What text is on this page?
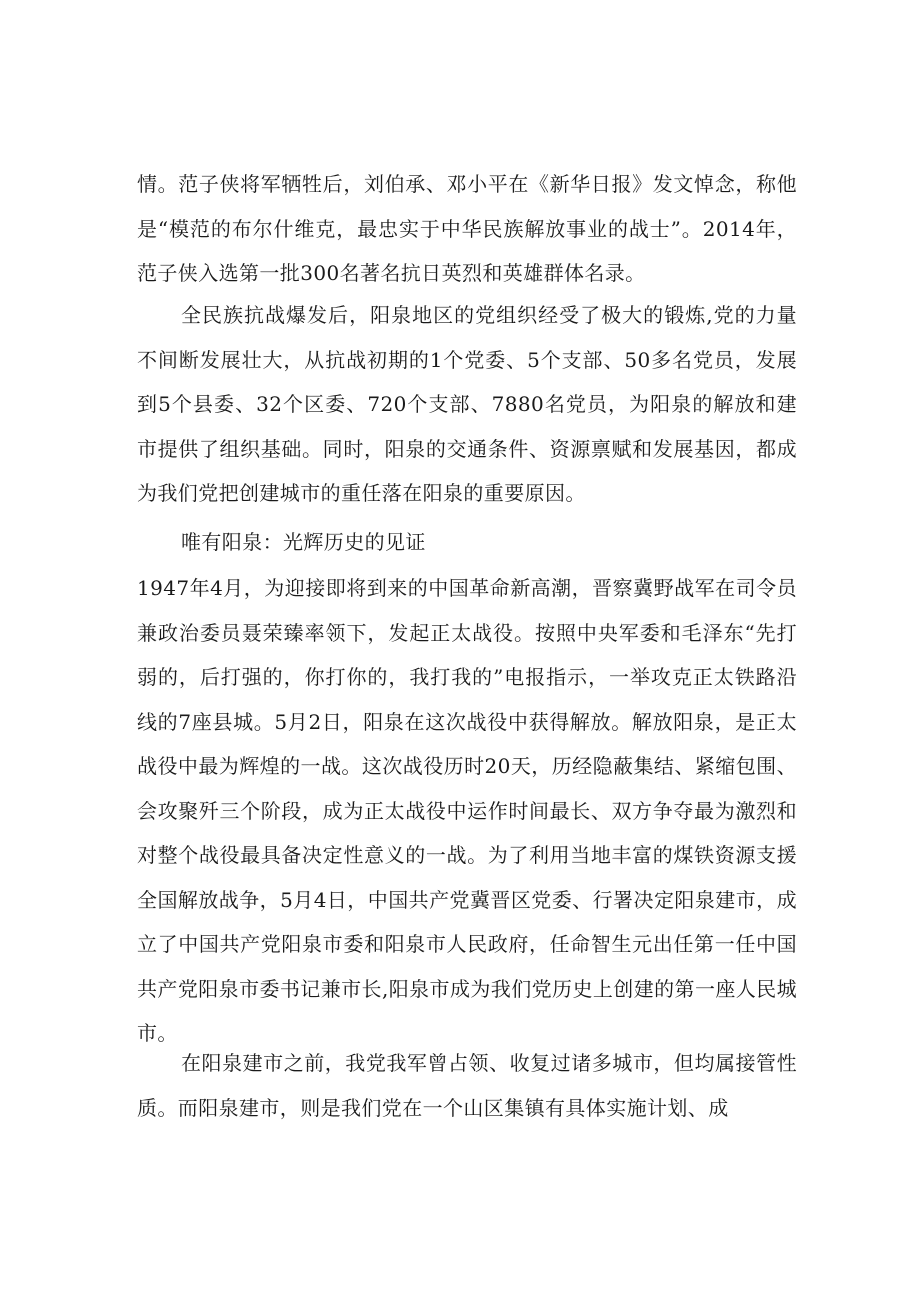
情。范子侠将军牺牲后，刘伯承、邓小平在《新华日报》发文悼念，称他是“模范的布尔什维克，最忠实于中华民族解放事业的战士”。2014年，范子侠入选第一批300名著名抗日英烈和英雄群体名录。

全民族抗战爆发后，阳泉地区的党组织经受了极大的锻炼,党的力量不间断发展壮大，从抗战初期的1个党委、5个支部、50多名党员，发展到5个县委、32个区委、720个支部、7880名党员，为阳泉的解放和建市提供了组织基础。同时，阳泉的交通条件、资源禀赋和发展基因，都成为我们党把创建城市的重任落在阳泉的重要原因。

唯有阳泉：光辉历史的见证

1947年4月，为迎接即将到来的中国革命新高潮，晋察冀野战军在司令员兼政治委员聂荣臻率领下，发起正太战役。按照中央军委和毛泽东“先打弱的，后打强的，你打你的，我打我的”电报指示，一举攻克正太铁路沿线的7座县城。5月2日，阳泉在这次战役中获得解放。解放阳泉，是正太战役中最为辉煌的一战。这次战役历时20天，历经隐蔽集结、紧缩包围、会攻聚歼三个阶段，成为正太战役中运作时间最长、双方争夺最为激烈和对整个战役最具备决定性意义的一战。为了利用当地丰富的煤铁资源支援全国解放战争，5月4日，中国共产党冀晋区党委、行署决定阳泉建市，成立了中国共产党阳泉市委和阳泉市人民政府，任命智生元出任第一任中国共产党阳泉市委书记兼市长,阳泉市成为我们党历史上创建的第一座人民城市。

在阳泉建市之前，我党我军曾占领、收复过诸多城市，但均属接管性质。而阳泉建市，则是我们党在一个山区集镇有具体实施计划、成
